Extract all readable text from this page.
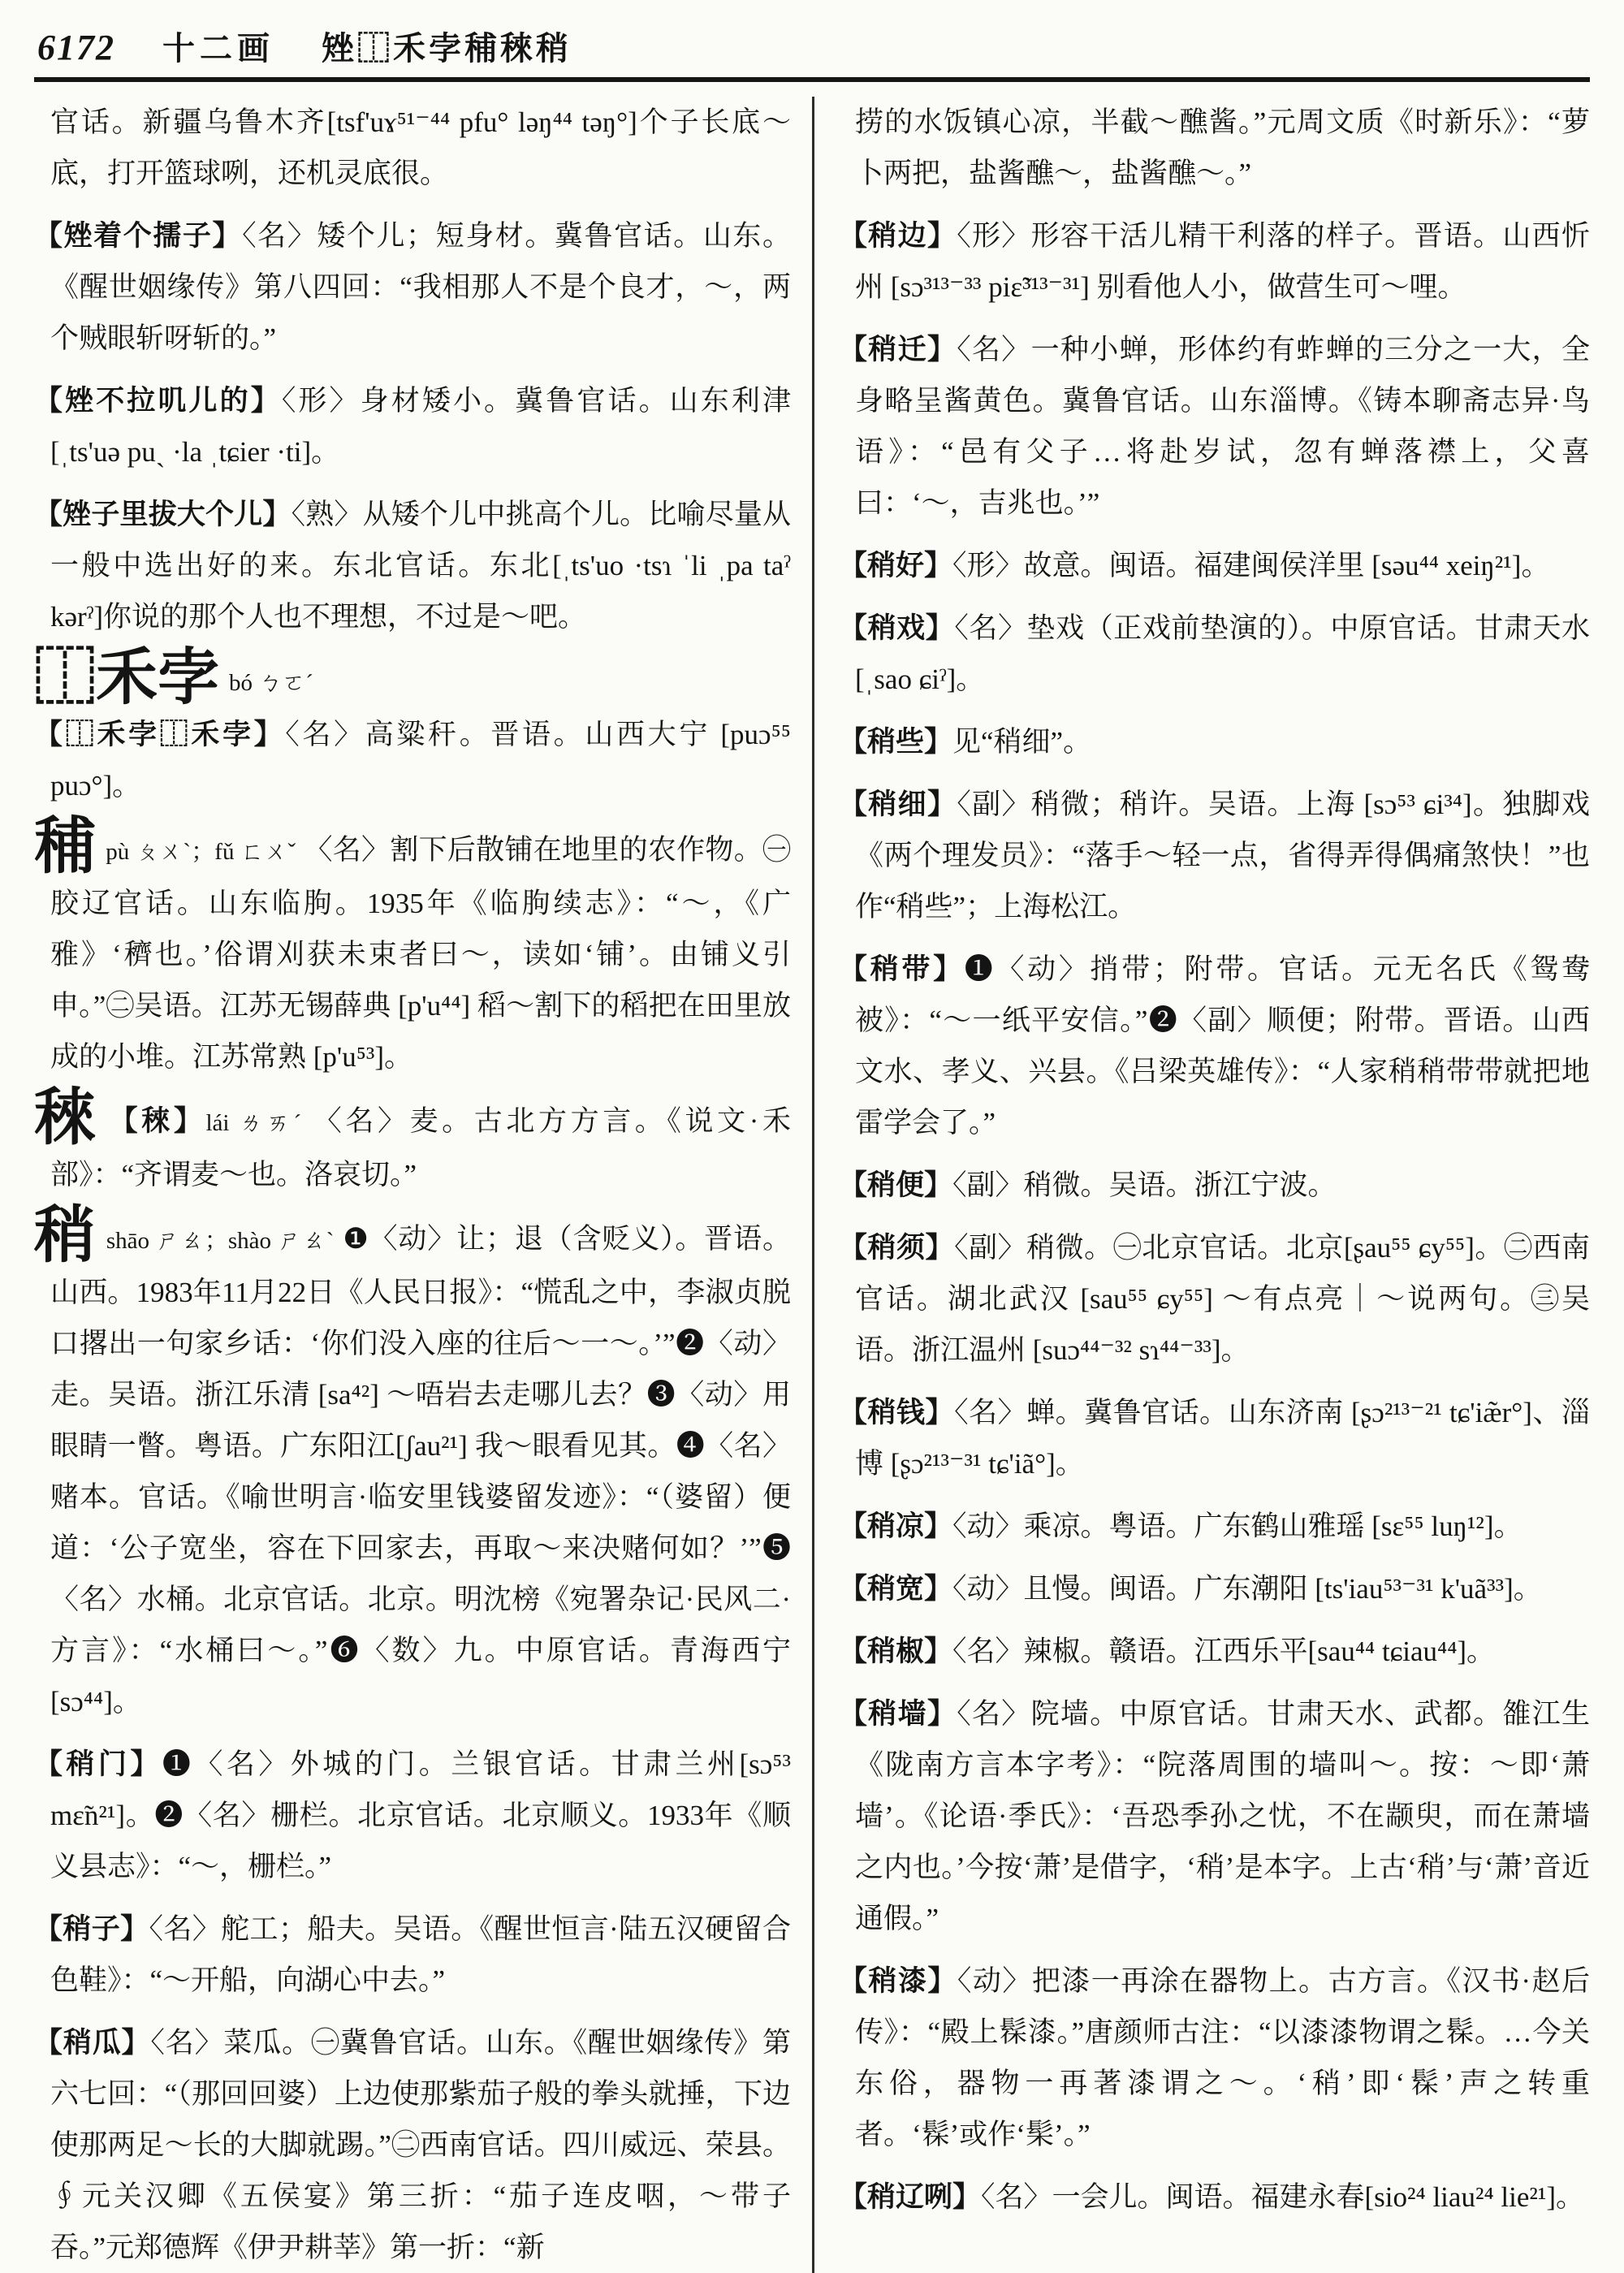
6172 十二画 矬⿰禾孛秿䅘稍

官话。新疆乌鲁木齐[tsf'uɤ⁵¹⁻⁴⁴ pfu° ləŋ⁴⁴ təŋ°]个子长底～底，打开篮球咧，还机灵底很。

【矬着个擩子】〈名〉矮个儿；短身材。冀鲁官话。山东。《醒世姻缘传》第八四回：“我相那人不是个良才，～，两个贼眼斩呀斩的。”

【矬不拉叽儿的】〈形〉身材矮小。冀鲁官话。山东利津[ˌts'uə puˎ ·la ˌtɕier ·ti]。

【矬子里拔大个儿】〈熟〉从矮个儿中挑高个儿。比喻尽量从一般中选出好的来。东北官话。东北[ˌts'uo ·tsɿ ˈli ˌpa taˀ kərˀ]你说的那个人也不理想，不过是～吧。

⿰禾孛 bó ㄅㄛˊ

【⿰禾孛⿰禾孛】〈名〉高粱秆。晋语。山西大宁 [puɔ⁵⁵ puɔ°]。

秿pù ㄆㄨˋ；fǔ ㄈㄨˇ 〈名〉割下后散铺在地里的农作物。㊀胶辽官话。山东临朐。1935年《临朐续志》：“～，《广雅》‘穧也。’俗谓刈获未束者曰～，读如‘铺’。由铺义引申。”㊁吴语。江苏无锡薛典 [p'u⁴⁴] 稻～割下的稻把在田里放成的小堆。江苏常熟 [p'u⁵³]。

䅘 【䅘】lái ㄌㄞˊ 〈名〉麦。古北方方言。《说文·禾部》：“齐谓麦～也。洛哀切。”

稍shāo ㄕㄠ；shào ㄕㄠˋ ❶〈动〉让；退（含贬义）。晋语。山西。1983年11月22日《人民日报》：“慌乱之中，李淑贞脱口撂出一句家乡话：‘你们没入座的往后～一～。’”❷〈动〉走。吴语。浙江乐清 [sa⁴²] ～唔岩去走哪儿去？❸〈动〉用眼睛一瞥。粤语。广东阳江[ʃau²¹] 我～眼看见其。❹〈名〉赌本。官话。《喻世明言·临安里钱婆留发迹》：“（婆留）便道：‘公子宽坐，容在下回家去，再取～来决赌何如？’”❺〈名〉水桶。北京官话。北京。明沈榜《宛署杂记·民风二·方言》：“水桶曰～。”❻〈数〉九。中原官话。青海西宁[sɔ⁴⁴]。

【稍门】❶〈名〉外城的门。兰银官话。甘肃兰州[sɔ⁵³ mɛ̃n²¹]。❷〈名〉栅栏。北京官话。北京顺义。1933年《顺义县志》：“～，栅栏。”

【稍子】〈名〉舵工；船夫。吴语。《醒世恒言·陆五汉硬留合色鞋》：“～开船，向湖心中去。”

【稍瓜】〈名〉菜瓜。㊀冀鲁官话。山东。《醒世姻缘传》第六七回：“（那回回婆）上边使那紫茄子般的拳头就捶，下边使那两足～长的大脚就踢。”㊁西南官话。四川威远、荣县。∮元关汉卿《五侯宴》第三折：“茄子连皮咽，～带子吞。”元郑德辉《伊尹耕莘》第一折：“新

捞的水饭镇心凉，半截～醮酱。”元周文质《时新乐》：“萝卜两把，盐酱醮～，盐酱醮～。”

【稍边】〈形〉形容干活儿精干利落的样子。晋语。山西忻州 [sɔ³¹³⁻³³ piɛ̃³¹³⁻³¹] 别看他人小，做营生可～哩。

【稍迁】〈名〉一种小蝉，形体约有蚱蝉的三分之一大，全身略呈酱黄色。冀鲁官话。山东淄博。《铸本聊斋志异·鸟语》：“邑有父子…将赴岁试，忽有蝉落襟上，父喜曰：‘～，吉兆也。’”

【稍好】〈形〉故意。闽语。福建闽侯洋里 [səu⁴⁴ xeiŋ²¹]。

【稍戏】〈名〉垫戏（正戏前垫演的）。中原官话。甘肃天水 [ˌsao ɕiˀ]。

【稍些】见“稍细”。

【稍细】〈副〉稍微；稍许。吴语。上海 [sɔ⁵³ ɕi³⁴]。独脚戏《两个理发员》：“落手～轻一点，省得弄得偶痛煞快！”也作“稍些”；上海松江。

【稍带】❶〈动〉捎带；附带。官话。元无名氏《鸳鸯被》：“～一纸平安信。”❷〈副〉顺便；附带。晋语。山西文水、孝义、兴县。《吕梁英雄传》：“人家稍稍带带就把地雷学会了。”

【稍便】〈副〉稍微。吴语。浙江宁波。

【稍须】〈副〉稍微。㊀北京官话。北京[ʂau⁵⁵ ɕy⁵⁵]。㊁西南官话。湖北武汉 [sau⁵⁵ ɕy⁵⁵] ～有点亮｜～说两句。㊂吴语。浙江温州 [suɔ⁴⁴⁻³² sɿ⁴⁴⁻³³]。

【稍钱】〈名〉蝉。冀鲁官话。山东济南 [ʂɔ²¹³⁻²¹ tɕ'iæ̃r°]、淄博 [ʂɔ²¹³⁻³¹ tɕ'iã°]。

【稍凉】〈动〉乘凉。粤语。广东鹤山雅瑶 [sɛ⁵⁵ luŋ¹²]。

【稍宽】〈动〉且慢。闽语。广东潮阳 [ts'iau⁵³⁻³¹ k'uã³³]。

【稍椒】〈名〉辣椒。赣语。江西乐平[sau⁴⁴ tɕiau⁴⁴]。

【稍墙】〈名〉院墙。中原官话。甘肃天水、武都。雒江生《陇南方言本字考》：“院落周围的墙叫～。按：～即‘萧墙’。《论语·季氏》：‘吾恐季孙之忧，不在颛臾，而在萧墙之内也。’今按‘萧’是借字，‘稍’是本字。上古‘稍’与‘萧’音近通假。”

【稍漆】〈动〉把漆一再涂在器物上。古方言。《汉书·赵后传》：“殿上髹漆。”唐颜师古注：“以漆漆物谓之髹。…今关东俗，器物一再著漆谓之～。‘稍’即‘髹’声之转重者。‘髹’或作‘髤’。”

【稍辽咧】〈名〉一会儿。闽语。福建永春[sio²⁴ liau²⁴ lie²¹]。
